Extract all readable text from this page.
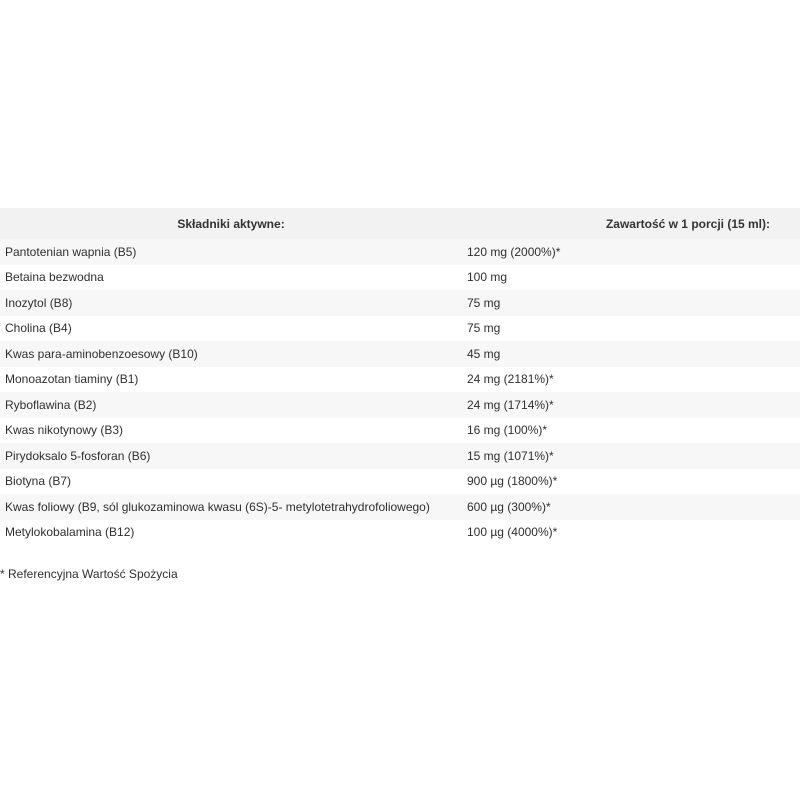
Składniki aktywne:	Zawartość w 1 porcji (15 ml):
Pantotenian wapnia (B5)	120 mg (2000%)*
Betaina bezwodna	100 mg
Inozytol (B8)	75 mg
Cholina (B4)	75 mg
Kwas para-aminobenzoesowy (B10)	45 mg
Monoazotan tiaminy (B1)	24 mg (2181%)*
Ryboflawina (B2)	24 mg (1714%)*
Kwas nikotynowy (B3)	16 mg (100%)*
Pirydoksalo 5-fosforan (B6)	15 mg (1071%)*
Biotyna (B7)	900 µg (1800%)*
Kwas foliowy (B9, sól glukozaminowa kwasu (6S)-5- metylotetrahydrofoliowego)	600 µg (300%)*
Metylokobalamina (B12)	100 µg (4000%)*
* Referencyjna Wartość Spożycia
